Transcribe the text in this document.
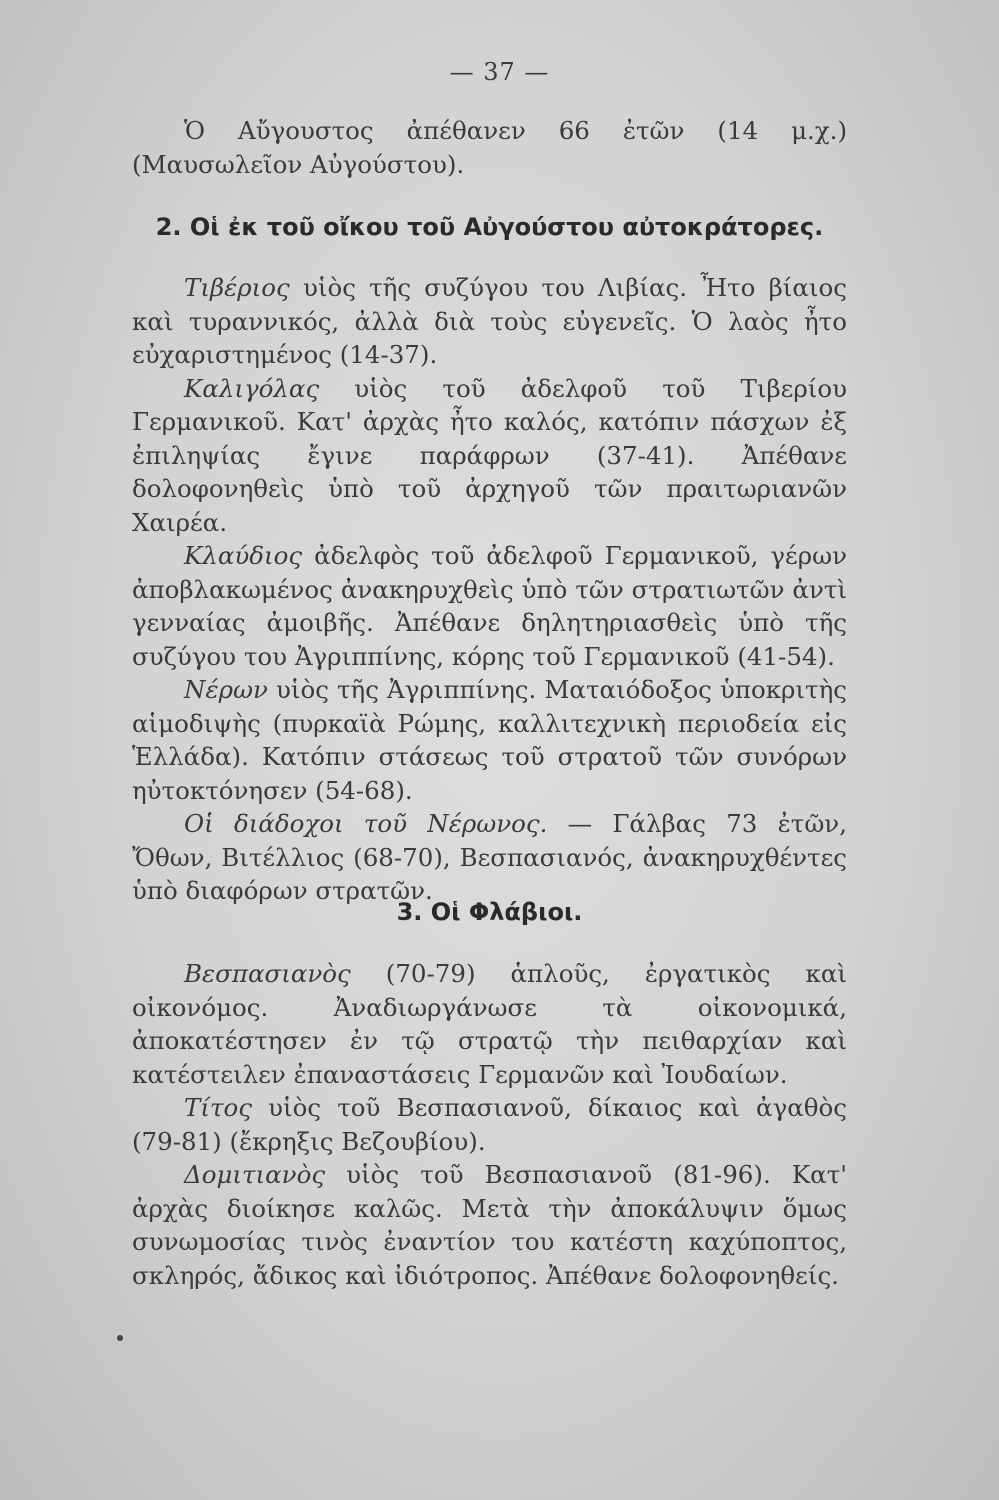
— 37 —

Ὁ Αὔγουστος ἀπέθανεν 66 ἐτῶν (14 μ.χ.) (Μαυσωλεῖον Αὐγούστου).

2. Οἱ ἐκ τοῦ οἴκου τοῦ Αὐγούστου αὐτοκράτορες.

Τιβέριος υἱὸς τῆς συζύγου του Λιβίας. Ἦτο βίαιος καὶ τυραννικός, ἀλλὰ διὰ τοὺς εὐγενεῖς. Ὁ λαὸς ἦτο εὐχαριστημένος (14-37).

Καλιγόλας υἱὸς τοῦ ἀδελφοῦ τοῦ Τιβερίου Γερμανικοῦ. Κατ' ἀρχὰς ἦτο καλός, κατόπιν πάσχων ἐξ ἐπιληψίας ἔγινε παράφρων (37-41). Ἀπέθανε δολοφονηθεὶς ὑπὸ τοῦ ἀρχηγοῦ τῶν πραιτωριανῶν Χαιρέα.

Κλαύδιος ἀδελφὸς τοῦ ἀδελφοῦ Γερμανικοῦ, γέρων ἀποβλακωμένος ἀνακηρυχθεὶς ὑπὸ τῶν στρατιωτῶν ἀντὶ γενναίας ἀμοιβῆς. Ἀπέθανε δηλητηριασθεὶς ὑπὸ τῆς συζύγου του Ἀγριππίνης, κόρης τοῦ Γερμανικοῦ (41-54).

Νέρων υἱὸς τῆς Ἀγριππίνης. Ματαιόδοξος ὑποκριτὴς αἱμοδιψὴς (πυρκαϊὰ Ρώμης, καλλιτεχνικὴ περιοδεία εἰς Ἑλλάδα). Κατόπιν στάσεως τοῦ στρατοῦ τῶν συνόρων ηὐτοκτόνησεν (54-68).

Οἱ διάδοχοι τοῦ Νέρωνος. — Γάλβας 73 ἐτῶν, Ὄθων, Βιτέλλιος (68-70), Βεσπασιανός, ἀνακηρυχθέντες ὑπὸ διαφόρων στρατῶν.

3. Οἱ Φλάβιοι.

Βεσπασιανὸς (70-79) ἁπλοῦς, ἐργατικὸς καὶ οἰκονόμος. Ἀναδιωργάνωσε τὰ οἰκονομικά, ἀποκατέστησεν ἐν τῷ στρατῷ τὴν πειθαρχίαν καὶ κατέστειλεν ἐπαναστάσεις Γερμανῶν καὶ Ἰουδαίων.

Τίτος υἱὸς τοῦ Βεσπασιανοῦ, δίκαιος καὶ ἀγαθὸς (79-81) (ἔκρηξις Βεζουβίου).

Δομιτιανὸς υἱὸς τοῦ Βεσπασιανοῦ (81-96). Κατ' ἀρχὰς διοίκησε καλῶς. Μετὰ τὴν ἀποκάλυψιν ὅμως συνωμοσίας τινὸς ἐναντίον του κατέστη καχύποπτος, σκληρός, ἄδικος καὶ ἰδιότροπος. Ἀπέθανε δολοφονηθείς.
